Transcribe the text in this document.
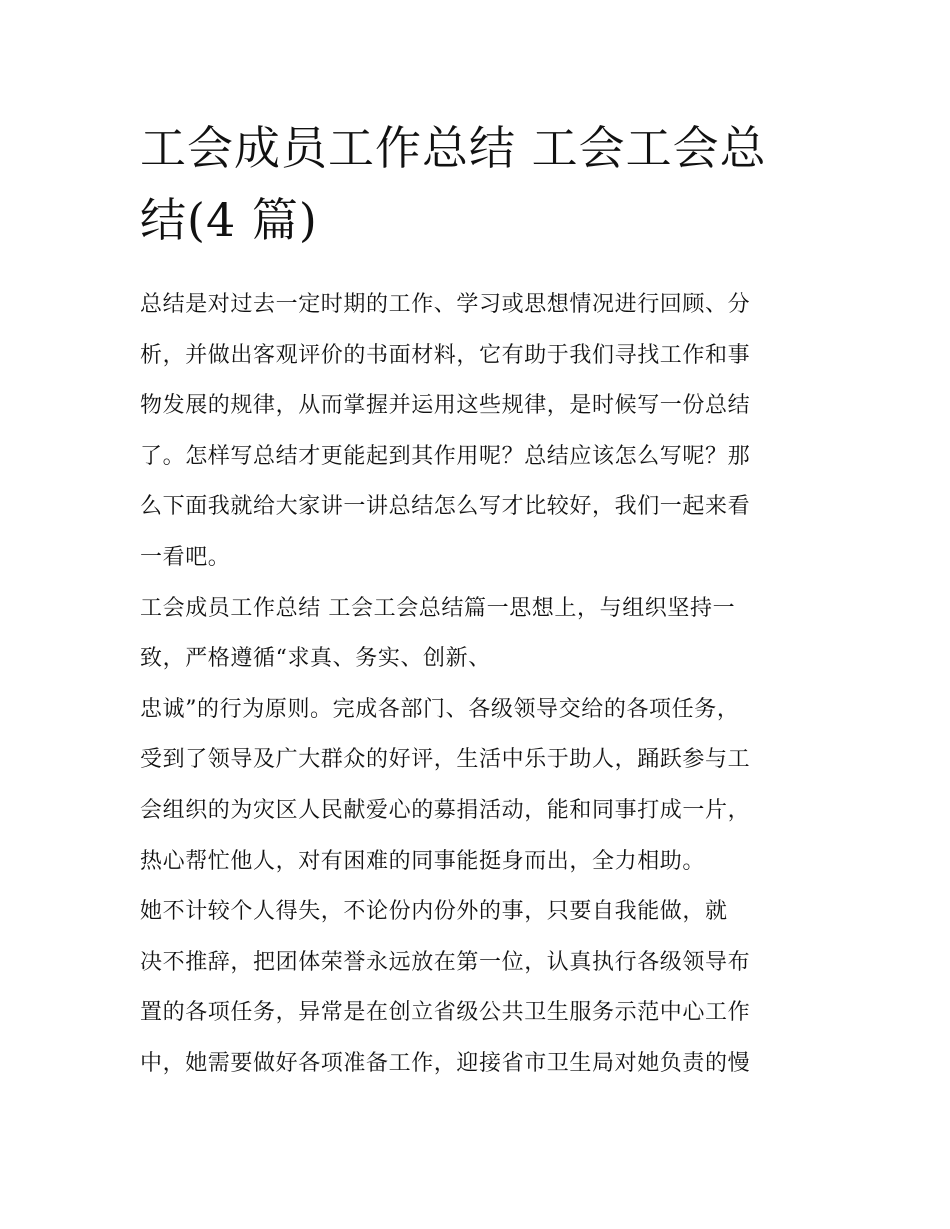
工会成员工作总结 工会工会总
结(4 篇)
总结是对过去一定时期的工作、学习或思想情况进行回顾、分
析，并做出客观评价的书面材料，它有助于我们寻找工作和事
物发展的规律，从而掌握并运用这些规律，是时候写一份总结
了。怎样写总结才更能起到其作用呢？总结应该怎么写呢？那
么下面我就给大家讲一讲总结怎么写才比较好，我们一起来看
一看吧。
工会成员工作总结 工会工会总结篇一思想上，与组织坚持一
致，严格遵循“求真、务实、创新、
忠诚”的行为原则。完成各部门、各级领导交给的各项任务，
受到了领导及广大群众的好评，生活中乐于助人，踊跃参与工
会组织的为灾区人民献爱心的募捐活动，能和同事打成一片，
热心帮忙他人，对有困难的同事能挺身而出，全力相助。
她不计较个人得失，不论份内份外的事，只要自我能做，就
决不推辞，把团体荣誉永远放在第一位，认真执行各级领导布
置的各项任务，异常是在创立省级公共卫生服务示范中心工作
中，她需要做好各项准备工作，迎接省市卫生局对她负责的慢
